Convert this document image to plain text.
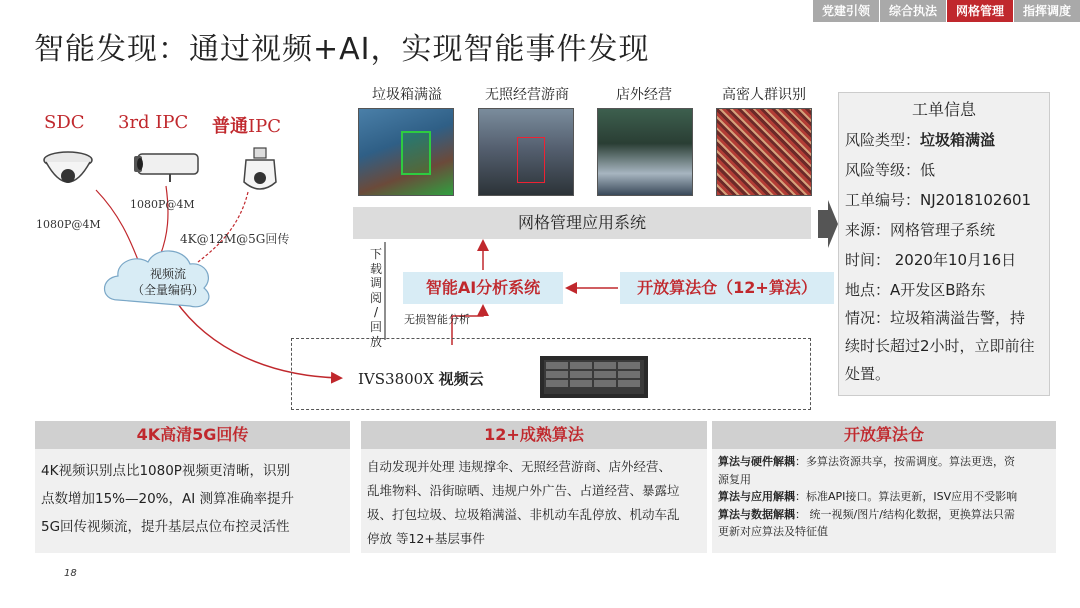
党建引领	综合执法	网格管理	指挥调度
智能发现：通过视频+AI，实现智能事件发现
SDC 3rd IPC 普通IPC
1080P@4M
1080P@4M
4K@12M@5G回传
视频流
（全量编码）
垃圾箱满溢	无照经营游商	店外经营	高密人群识别
网格管理应用系统
下
载
调
阅
/
回
放
智能AI分析系统	开放算法仓（12+算法）
无损智能分析
IVS3800X 视频云
工单信息
风险类型：垃圾箱满溢
风险等级：低
工单编号：NJ2018102601
来源：网格管理子系统
时间： 2020年10月16日
地点：A开发区B路东
情况：垃圾箱满溢告警，持
续时长超过2小时，立即前往
处置。
4K高清5G回传
4K视频识别点比1080P视频更清晰，识别
点数增加15%—20%，AI 测算准确率提升
5G回传视频流，提升基层点位布控灵活性
12+成熟算法
自动发现并处理 违规撑伞、无照经营游商、店外经营、
乱堆物料、沿街晾晒、违规户外广告、占道经营、暴露垃
圾、打包垃圾、垃圾箱满溢、非机动车乱停放、机动车乱
停放 等12+基层事件
开放算法仓
算法与硬件解耦：多算法资源共享，按需调度。算法更迭，资
源复用
算法与应用解耦：标准API接口。算法更新，ISV应用不受影响
算法与数据解耦： 统一视频/图片/结构化数据，更换算法只需
更新对应算法及特征值
18
